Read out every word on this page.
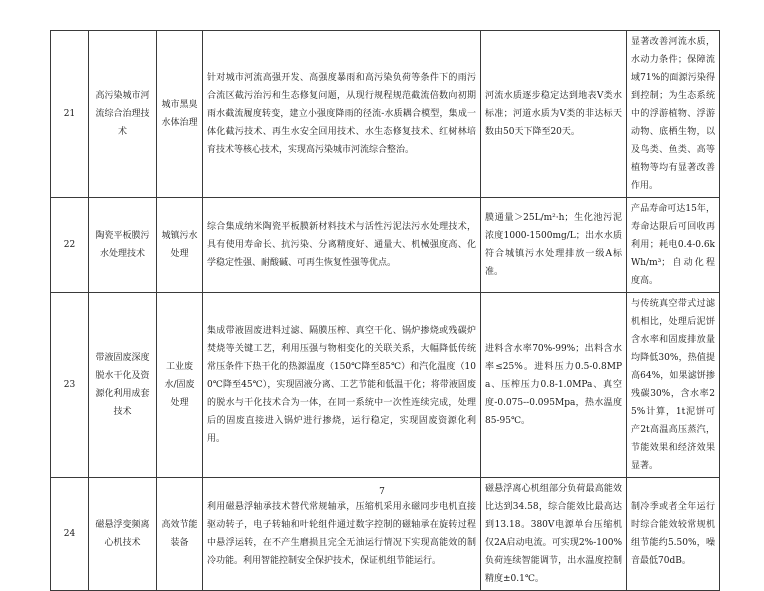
21	高污染城市河流综合治理技术	城市黑臭水体治理	针对城市河流高强开发、高强度暴雨和高污染负荷等条件下的雨污合流区截污治污和生态修复问题，从现行规程规范截流倍数向初期雨水截流履度转变，建立小强度降雨的径流-水质耦合模型，集成一体化截污技术、再生水安全回用技术、水生态修复技术、红树林培育技术等核心技术，实现高污染城市河流综合整治。	河流水质逐步稳定达到地表Ⅴ类水标准；河道水质为Ⅴ类的非达标天数由50天下降至20天。	显著改善河流水质，水动力条件；保障流域71%的面源污染得到控制；为生态系统中的浮游植物、浮游动物、底栖生物，以及鸟类、鱼类、高等植物等均有显著改善作用。
22	陶瓷平板膜污水处理技术	城镇污水处理	综合集成纳米陶瓷平板膜新材料技术与活性污泥法污水处理技术，具有使用寿命长、抗污染、分离精度好、通量大、机械强度高、化学稳定性强、耐酸碱、可再生恢复性强等优点。	膜通量＞25L/m²·h；生化池污泥浓度1000-1500mg/L；出水水质符合城镇污水处理排放一级A标准。	产品寿命可达15年，寿命达限后可回收再利用；耗电0.4-0.6kWh/m³；自动化程度高。
23	带液固废深度脱水干化及资源化利用成套技术	工业废水/固废处理	集成带液固废进料过滤、隔膜压榨、真空干化、锅炉掺烧或残碳炉焚烧等关键工艺，利用压强与物相变化的关联关系，大幅降低传统常压条件下热干化的热源温度（150℃降至85℃）和汽化温度（100℃降至45℃），实现固液分离、工艺节能和低温干化；将带液固废的脱水与干化技术合为一体，在同一系统中一次性连续完成，处理后的固废直接进入锅炉进行掺烧，运行稳定，实现固废资源化利用。	进料含水率70%-99%；出料含水率≤25%。进料压力0.5-0.8MPa、压榨压力0.8-1.0MPa、真空度-0.075--0.095Mpa，热水温度85-95℃。	与传统真空带式过滤机相比，处理后泥饼含水率和固废排放量均降低30%，热值提高64%，如果滤饼掺残碳30%，含水率25%计算，1t泥饼可产2t高温高压蒸汽，节能效果和经济效果显著。
24	磁悬浮变频离心机技术	高效节能装备	利用磁悬浮轴承技术替代常规轴承，压缩机采用永磁同步电机直接驱动转子，电子转轴和叶轮组件通过数字控制的磁轴承在旋转过程中悬浮运转，在不产生磨损且完全无油运行情况下实现高能效的制冷功能。利用智能控制安全保护技术，保证机组节能运行。	磁悬浮离心机组部分负荷最高能效比达到34.58，综合能效比最高达到13.18。380V电源单台压缩机仅2A启动电流。可实现2%-100%负荷连续智能调节，出水温度控制精度±0.1℃。	制冷季或者全年运行时综合能效较常规机组节能约5.50%，噪音最低70dB。
7
